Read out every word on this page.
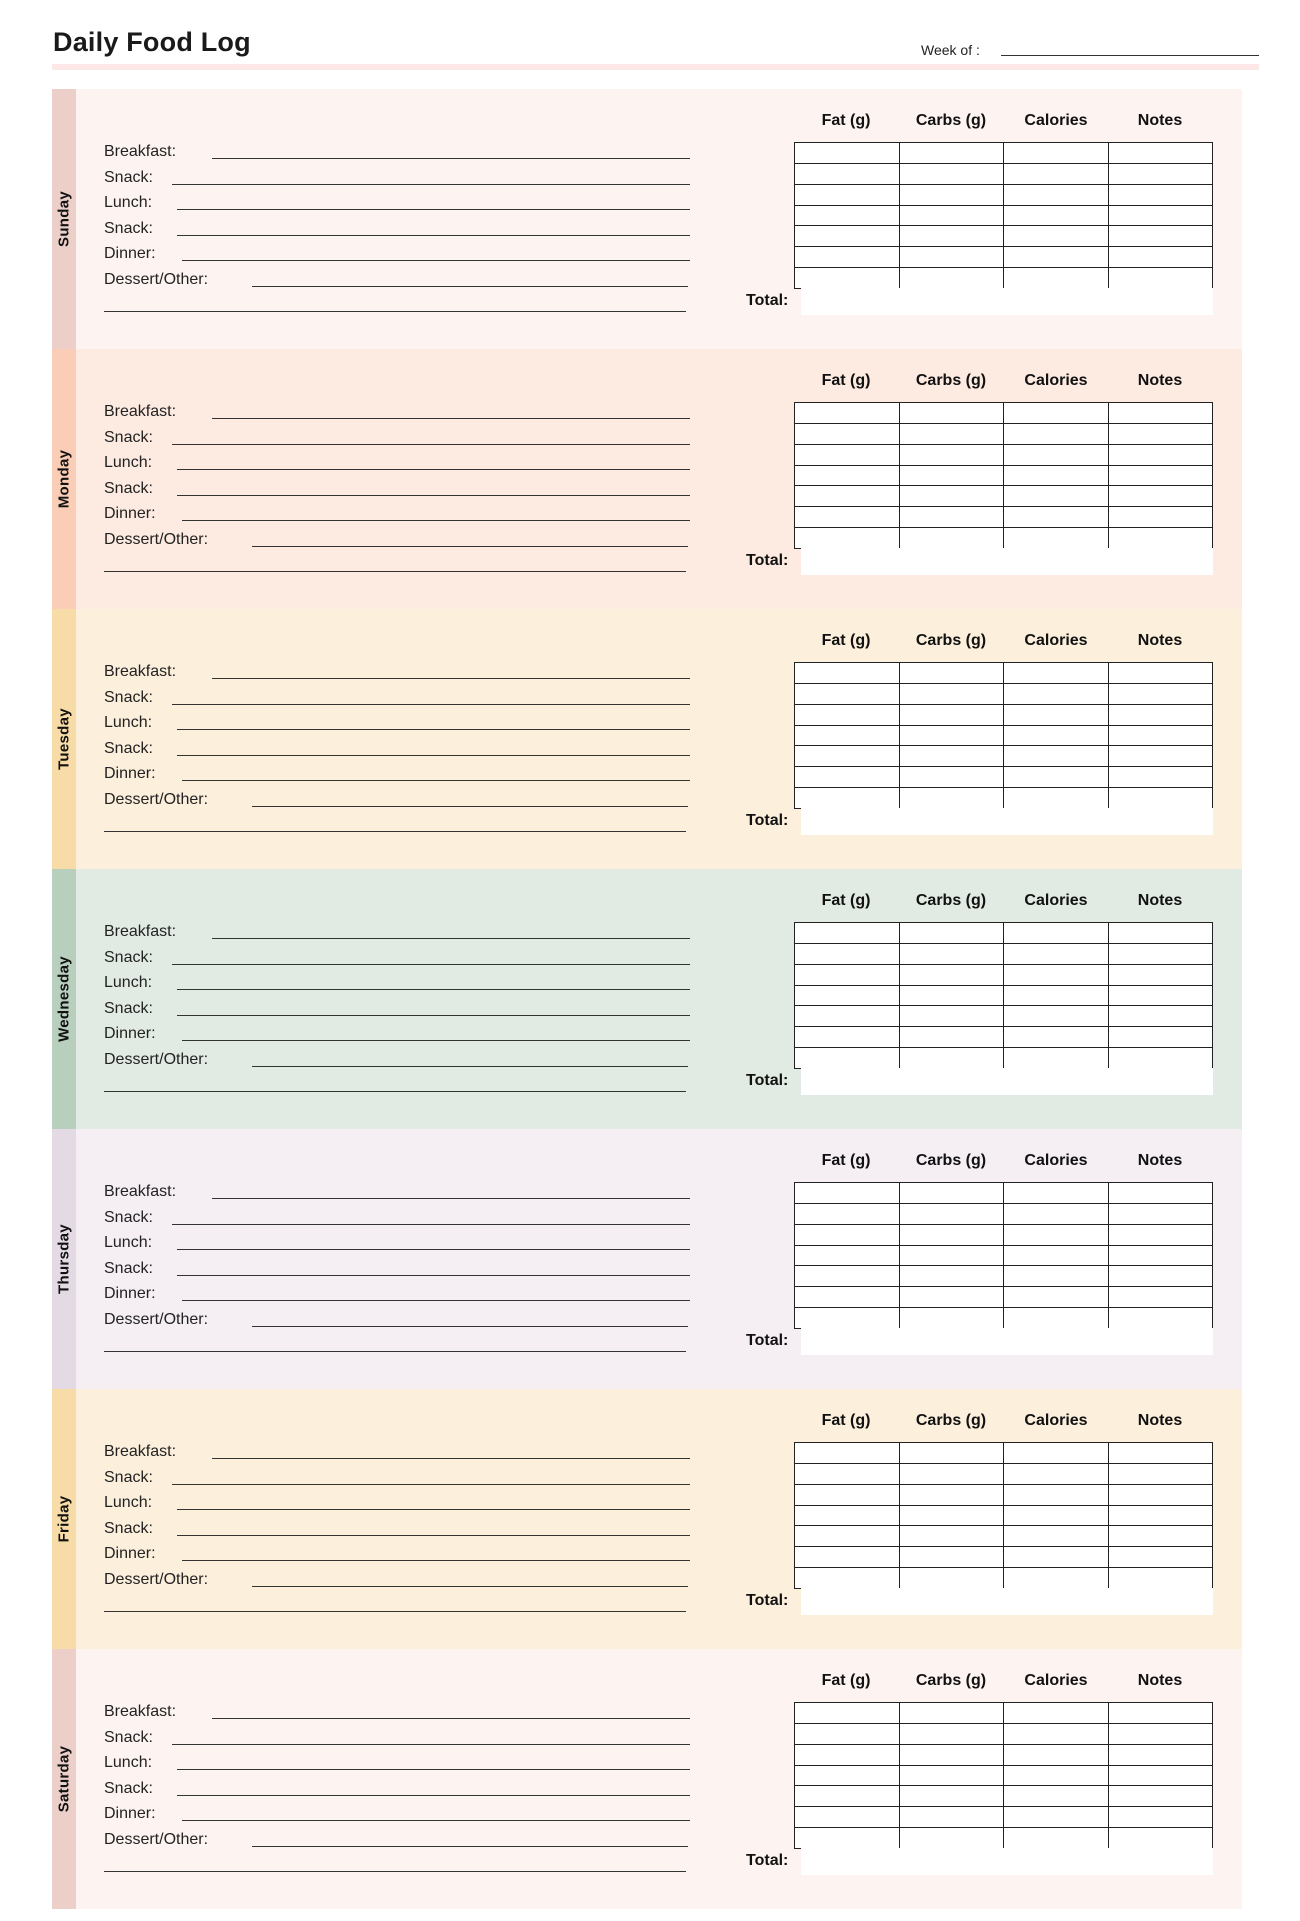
Daily Food Log	Week of :
Sunday
Breakfast:
Snack:
Lunch:
Snack:
Dinner:
Dessert/Other:
Fat (g)	Carbs (g)	Calories	Notes

Total:
Monday
Breakfast:
Snack:
Lunch:
Snack:
Dinner:
Dessert/Other:
Fat (g)	Carbs (g)	Calories	Notes

Total:
Tuesday
Breakfast:
Snack:
Lunch:
Snack:
Dinner:
Dessert/Other:
Fat (g)	Carbs (g)	Calories	Notes

Total:
Wednesday
Breakfast:
Snack:
Lunch:
Snack:
Dinner:
Dessert/Other:
Fat (g)	Carbs (g)	Calories	Notes

Total:
Thursday
Breakfast:
Snack:
Lunch:
Snack:
Dinner:
Dessert/Other:
Fat (g)	Carbs (g)	Calories	Notes

Total:
Friday
Breakfast:
Snack:
Lunch:
Snack:
Dinner:
Dessert/Other:
Fat (g)	Carbs (g)	Calories	Notes

Total:
Saturday
Breakfast:
Snack:
Lunch:
Snack:
Dinner:
Dessert/Other:
Fat (g)	Carbs (g)	Calories	Notes

Total:
